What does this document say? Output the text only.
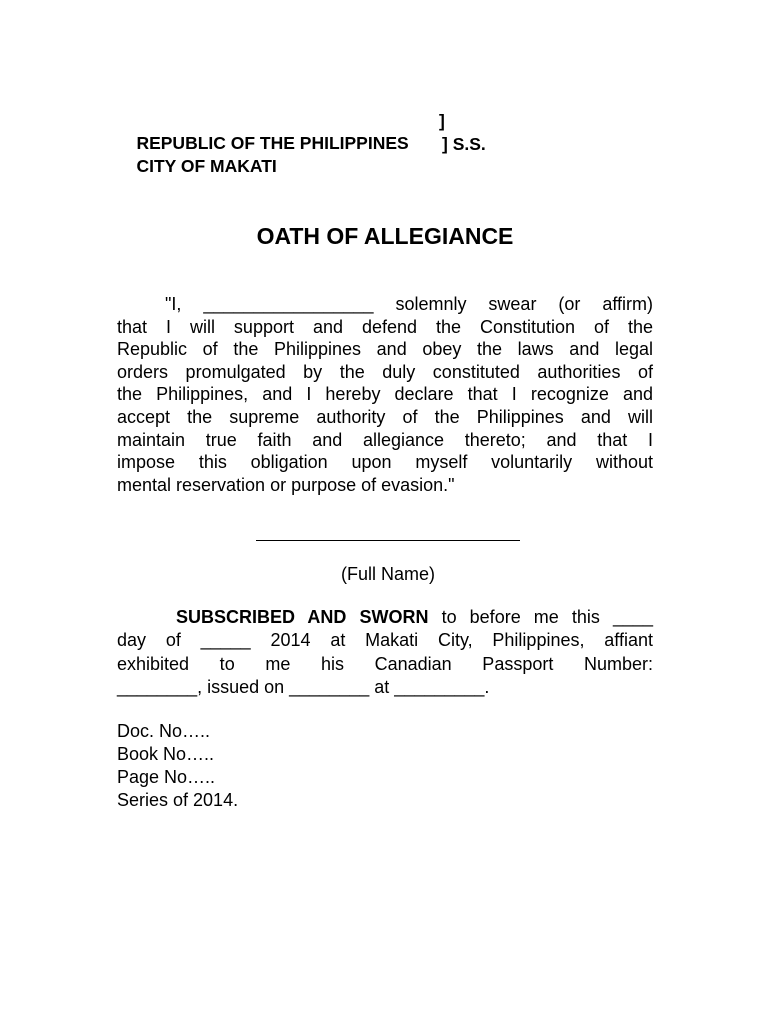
REPUBLIC OF THE PHILIPPINES

]

CITY OF MAKATI

] S.S.
OATH OF ALLEGIANCE
"I, _________________ solemnly swear (or affirm)
that I will support and defend the Constitution of the
Republic of the Philippines and obey the laws and legal
orders promulgated by the duly constituted authorities of
the Philippines, and I hereby declare that I recognize and
accept the supreme authority of the Philippines and will
maintain true faith and allegiance thereto; and that I
impose this obligation upon myself voluntarily without
mental reservation or purpose of evasion."
(Full Name)
SUBSCRIBED AND SWORN to before me this ____
day of _____ 2014 at Makati City, Philippines, affiant
exhibited to me his Canadian Passport Number:
________, issued on ________ at _________.
Doc. No…..
Book No…..
Page No…..
Series of 2014.
